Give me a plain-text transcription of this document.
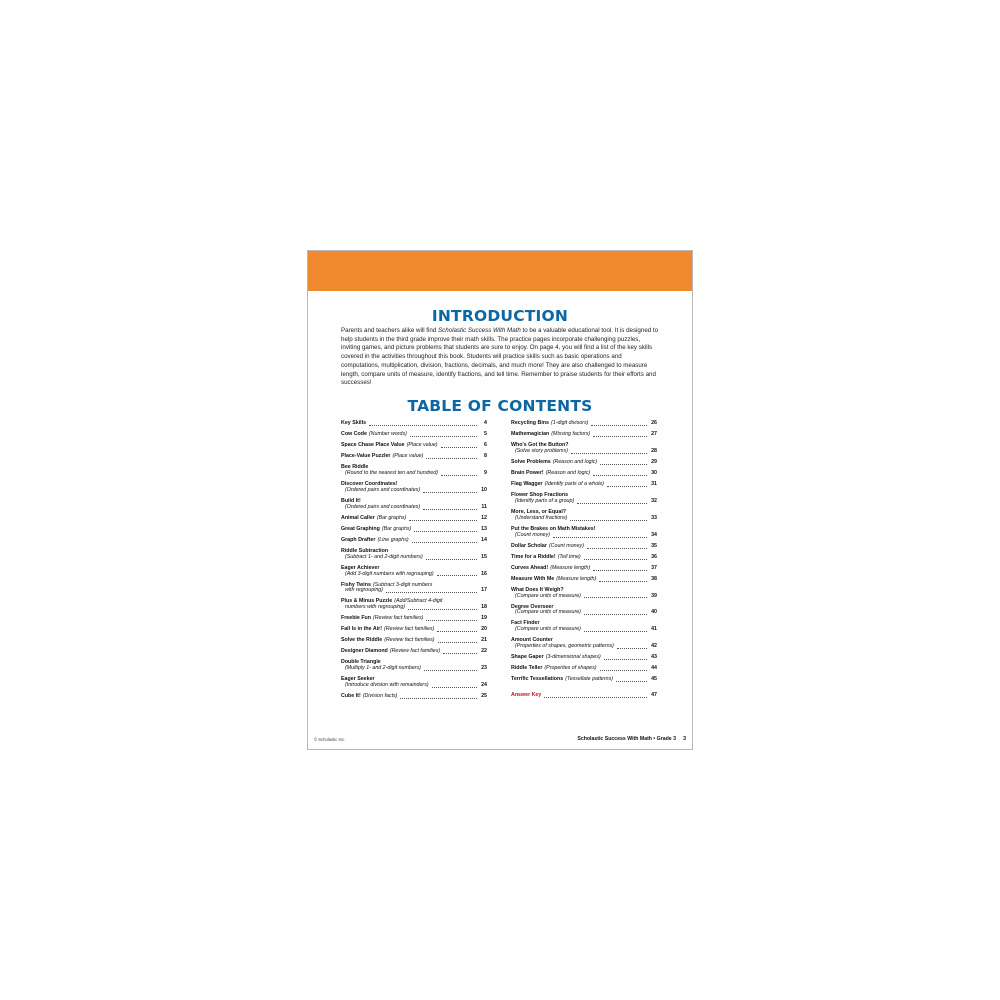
INTRODUCTION
Parents and teachers alike will find Scholastic Success With Math to be a valuable educational tool. It is designed to help students in the third grade improve their math skills. The practice pages incorporate challenging puzzles, inviting games, and picture problems that students are sure to enjoy. On page 4, you will find a list of the key skills covered in the activities throughout this book. Students will practice skills such as basic operations and computations, multiplication, division, fractions, decimals, and much more! They are also challenged to measure length, compare units of measure, identify fractions, and tell time. Remember to praise students for their efforts and successes!
TABLE OF CONTENTS
Key Skills	4
Cow Code (Number words)	5
Space Chase Place Value (Place value)	6
Place-Value Puzzler (Place value)	8
Bee Riddle
(Round to the nearest ten and hundred)	9
Discover Coordinates!
(Ordered pairs and coordinates)	10
Build It!
(Ordered pairs and coordinates)	11
Animal Caller (Bar graphs)	12
Great Graphing (Bar graphs)	13
Graph Drafter (Line graphs)	14
Riddle Subtraction
(Subtract 1- and 2-digit numbers)	15
Eager Achiever
(Add 3-digit numbers with regrouping)	16
Fishy Twins (Subtract 3-digit numbers
with regrouping)	17
Plus & Minus Puzzle (Add/Subtract 4-digit
numbers with regrouping)	18
Freebie Fun (Review fact families)	19
Fall Is in the Air! (Review fact families)	20
Solve the Riddle (Review fact families)	21
Designer Diamond (Review fact families)	22
Double Triangle
(Multiply 1- and 2-digit numbers)	23
Eager Seeker
(Introduce division with remainders)	24
Cube It! (Division facts)	25
Recycling Bins (1-digit divisors)	26
Mathemagician (Missing factors)	27
Who's Got the Button?
(Solve story problems)	28
Solve Problems (Reason and logic)	29
Brain Power! (Reason and logic)	30
Flag Wagger (Identify parts of a whole)	31
Flower Shop Fractions
(Identify parts of a group)	32
More, Less, or Equal?
(Understand fractions)	33
Put the Brakes on Math Mistakes!
(Count money)	34
Dollar Scholar (Count money)	35
Time for a Riddle! (Tell time)	36
Curves Ahead! (Measure length)	37
Measure With Me (Measure length)	38
What Does It Weigh?
(Compare units of measure)	39
Degree Overseer
(Compare units of measure)	40
Fact Finder
(Compare units of measure)	41
Amount Counter
(Properties of shapes, geometric patterns)	42
Shape Gaper (3-dimensional shapes)	43
Riddle Teller (Properties of shapes)	44
Terrific Tessellations (Tessellate patterns)	45
Answer Key	47
© Scholastic Inc.	Scholastic Success With Math • Grade 3 3
